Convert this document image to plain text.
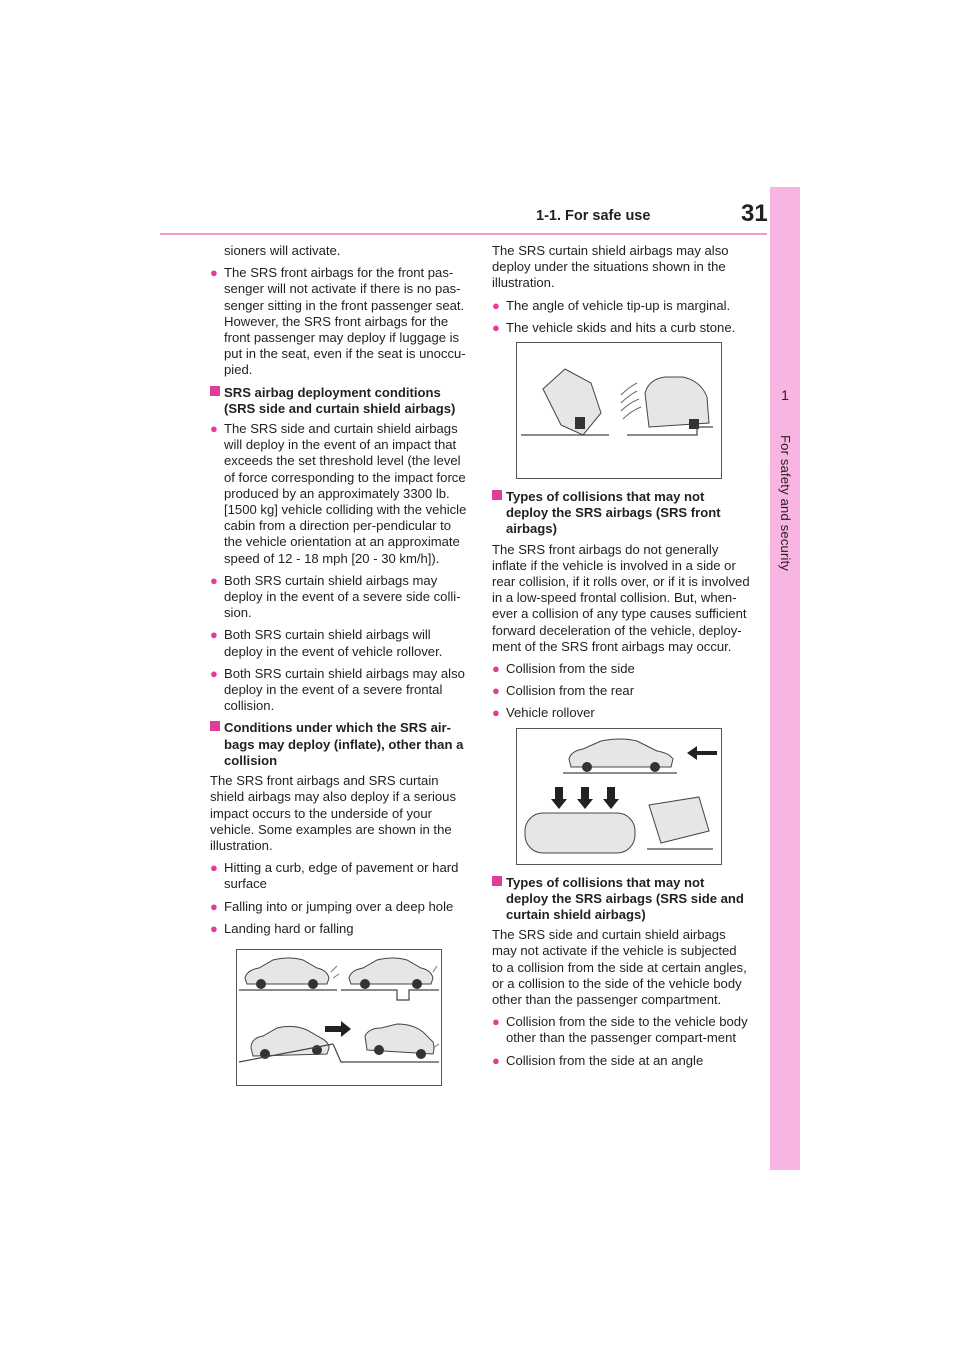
1-1. For safe use	31
1
For safety and security

sioners will activate.

● The SRS front airbags for the front pas-senger will not activate if there is no pas-senger sitting in the front passenger seat. However, the SRS front airbags for the front passenger may deploy if luggage is put in the seat, even if the seat is unoccu-pied.
SRS airbag deployment conditions (SRS side and curtain shield airbags)
● The SRS side and curtain shield airbags will deploy in the event of an impact that exceeds the set threshold level (the level of force corresponding to the impact force produced by an approximately 3300 lb. [1500 kg] vehicle colliding with the vehicle cabin from a direction per-pendicular to the vehicle orientation at an approximate speed of 12 - 18 mph [20 - 30 km/h]).
● Both SRS curtain shield airbags may deploy in the event of a severe side colli-sion.
● Both SRS curtain shield airbags will deploy in the event of vehicle rollover.
● Both SRS curtain shield airbags may also deploy in the event of a severe frontal collision.
Conditions under which the SRS air-bags may deploy (inflate), other than a collision

The SRS front airbags and SRS curtain shield airbags may also deploy if a serious impact occurs to the underside of your vehicle. Some examples are shown in the illustration.

● Hitting a curb, edge of pavement or hard surface
● Falling into or jumping over a deep hole
● Landing hard or falling

The SRS curtain shield airbags may also deploy under the situations shown in the illustration.

● The angle of vehicle tip-up is marginal.
● The vehicle skids and hits a curb stone.
Types of collisions that may not deploy the SRS airbags (SRS front airbags)

The SRS front airbags do not generally inflate if the vehicle is involved in a side or rear collision, if it rolls over, or if it is involved in a low-speed frontal collision. But, when-ever a collision of any type causes sufficient forward deceleration of the vehicle, deploy-ment of the SRS front airbags may occur.

● Collision from the side
● Collision from the rear
● Vehicle rollover
Types of collisions that may not deploy the SRS airbags (SRS side and curtain shield airbags)

The SRS side and curtain shield airbags may not activate if the vehicle is subjected to a collision from the side at certain angles, or a collision to the side of the vehicle body other than the passenger compartment.

● Collision from the side to the vehicle body other than the passenger compart-ment
● Collision from the side at an angle
